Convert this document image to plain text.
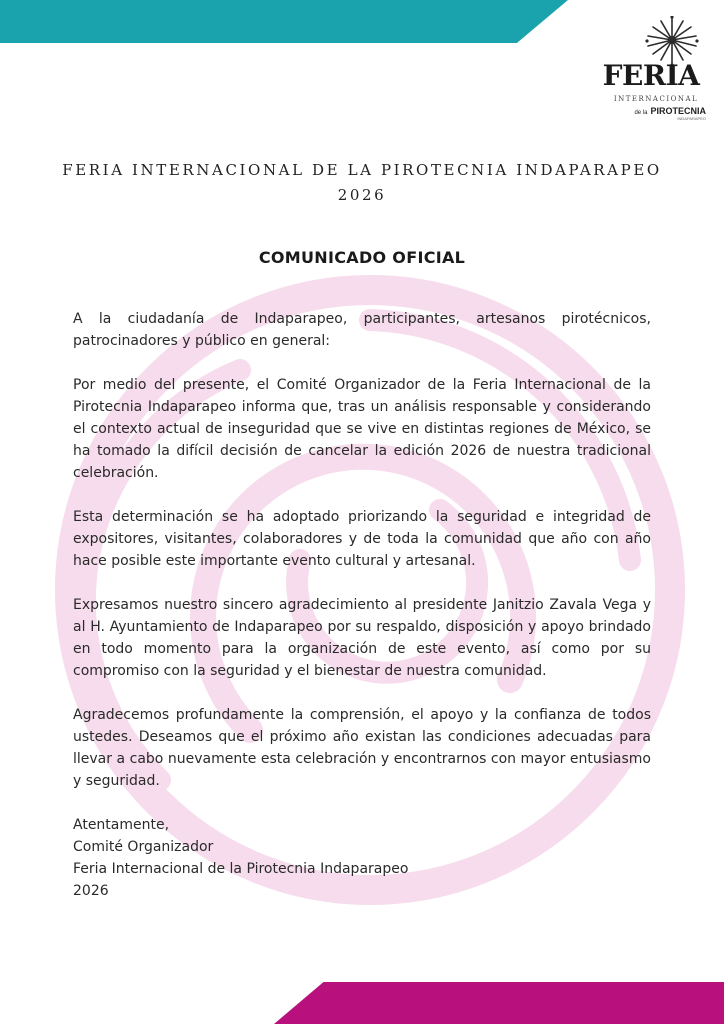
FERIA
INTERNACIONAL
de la PIROTECNIA
INDAPARAPEO
FERIA INTERNACIONAL DE LA PIROTECNIA INDAPARAPEO
2026
COMUNICADO OFICIAL

A la ciudadanía de Indaparapeo, participantes, artesanos pirotécnicos, patrocinadores y público en general:

Por medio del presente, el Comité Organizador de la Feria Internacional de la Pirotecnia Indaparapeo informa que, tras un análisis responsable y considerando el contexto actual de inseguridad que se vive en distintas regiones de México, se ha tomado la difícil decisión de cancelar la edición 2026 de nuestra tradicional celebración.

Esta determinación se ha adoptado priorizando la seguridad e integridad de expositores, visitantes, colaboradores y de toda la comunidad que año con año hace posible este importante evento cultural y artesanal.

Expresamos nuestro sincero agradecimiento al presidente Janitzio Zavala Vega y al H. Ayuntamiento de Indaparapeo por su respaldo, disposición y apoyo brindado en todo momento para la organización de este evento, así como por su compromiso con la seguridad y el bienestar de nuestra comunidad.

Agradecemos profundamente la comprensión, el apoyo y la confianza de todos ustedes. Deseamos que el próximo año existan las condiciones adecuadas para llevar a cabo nuevamente esta celebración y encontrarnos con mayor entusiasmo y seguridad.

Atentamente,
Comité Organizador
Feria Internacional de la Pirotecnia Indaparapeo
2026
